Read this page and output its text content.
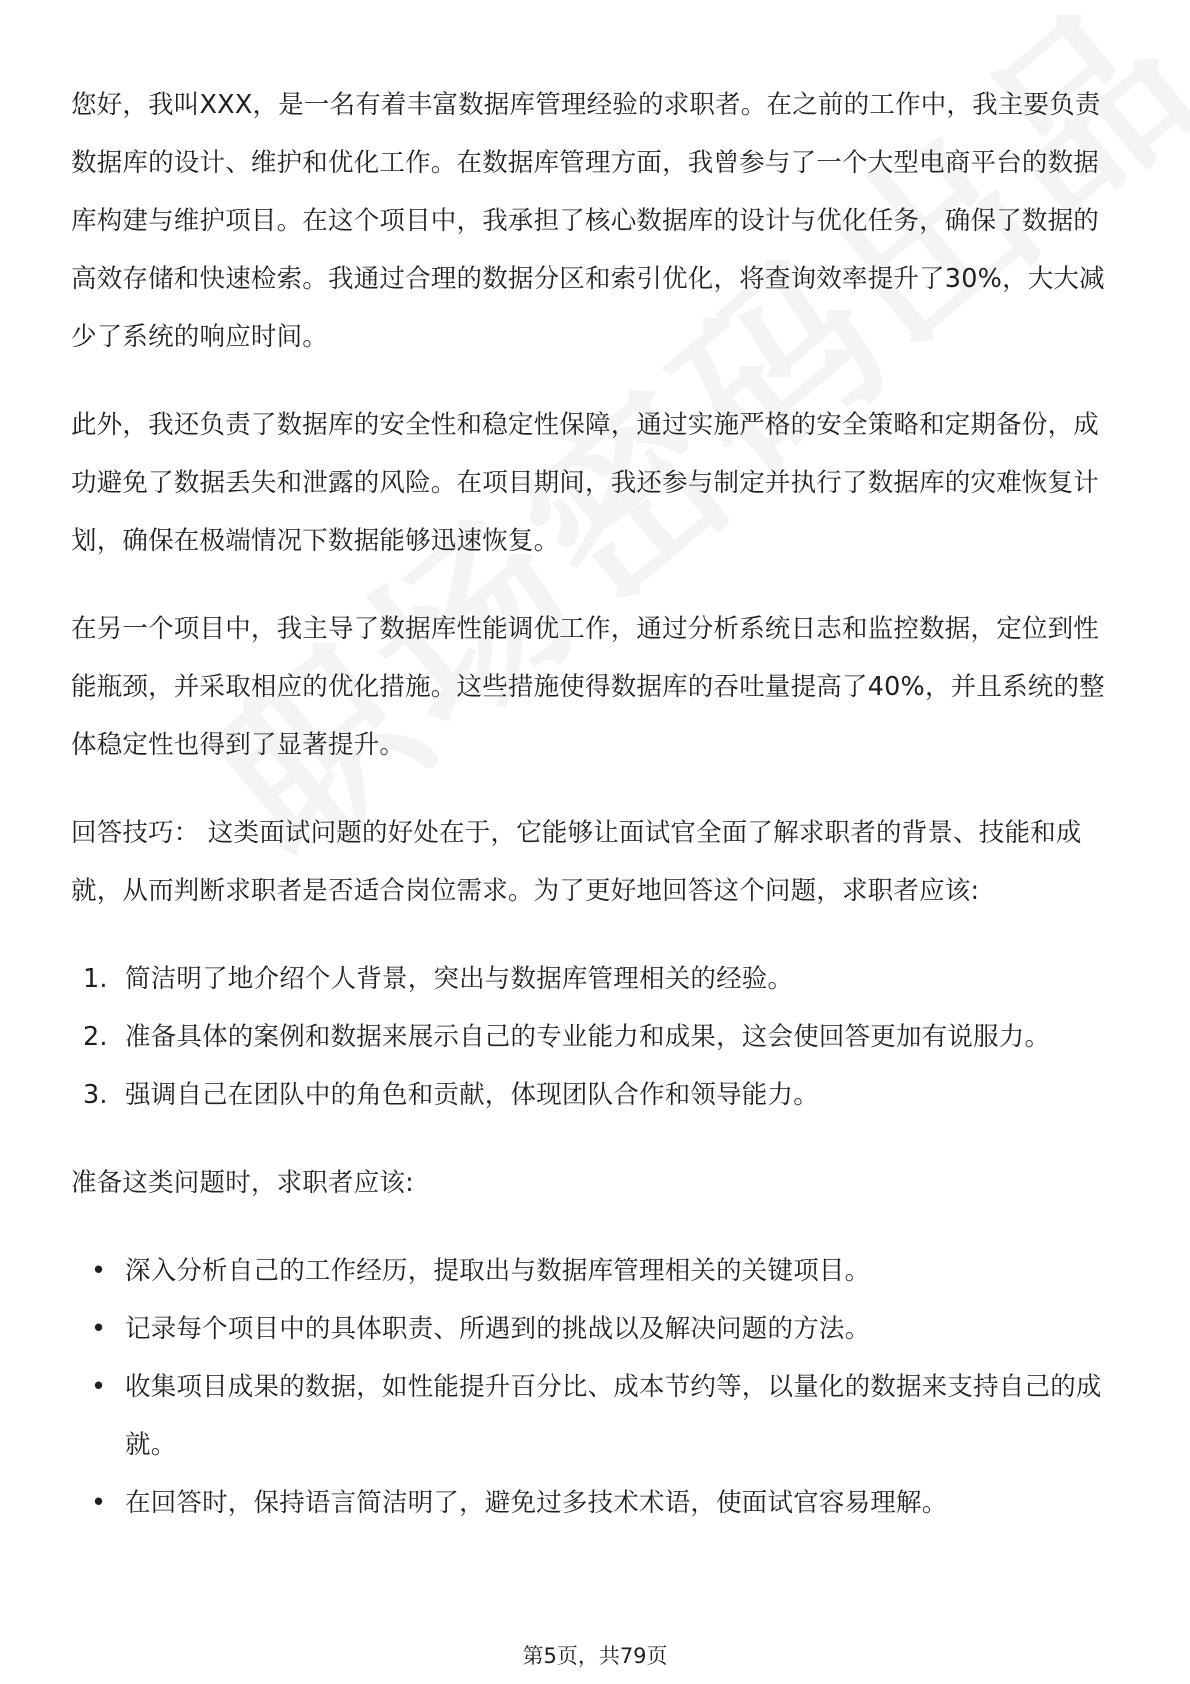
您好，我叫XXX，是一名有着丰富数据库管理经验的求职者。在之前的工作中，我主要负责数据库的设计、维护和优化工作。在数据库管理方面，我曾参与了一个大型电商平台的数据库构建与维护项目。在这个项目中，我承担了核心数据库的设计与优化任务，确保了数据的高效存储和快速检索。我通过合理的数据分区和索引优化，将查询效率提升了30%，大大减少了系统的响应时间。

此外，我还负责了数据库的安全性和稳定性保障，通过实施严格的安全策略和定期备份，成功避免了数据丢失和泄露的风险。在项目期间，我还参与制定并执行了数据库的灾难恢复计划，确保在极端情况下数据能够迅速恢复。

在另一个项目中，我主导了数据库性能调优工作，通过分析系统日志和监控数据，定位到性能瓶颈，并采取相应的优化措施。这些措施使得数据库的吞吐量提高了40%，并且系统的整体稳定性也得到了显著提升。

回答技巧： 这类面试问题的好处在于，它能够让面试官全面了解求职者的背景、技能和成就，从而判断求职者是否适合岗位需求。为了更好地回答这个问题，求职者应该:

1. 简洁明了地介绍个人背景，突出与数据库管理相关的经验。
2. 准备具体的案例和数据来展示自己的专业能力和成果，这会使回答更加有说服力。
3. 强调自己在团队中的角色和贡献，体现团队合作和领导能力。

准备这类问题时，求职者应该:

• 深入分析自己的工作经历，提取出与数据库管理相关的关键项目。
• 记录每个项目中的具体职责、所遇到的挑战以及解决问题的方法。
• 收集项目成果的数据，如性能提升百分比、成本节约等，以量化的数据来支持自己的成就。
• 在回答时，保持语言简洁明了，避免过多技术术语，使面试官容易理解。
第5页，共79页
